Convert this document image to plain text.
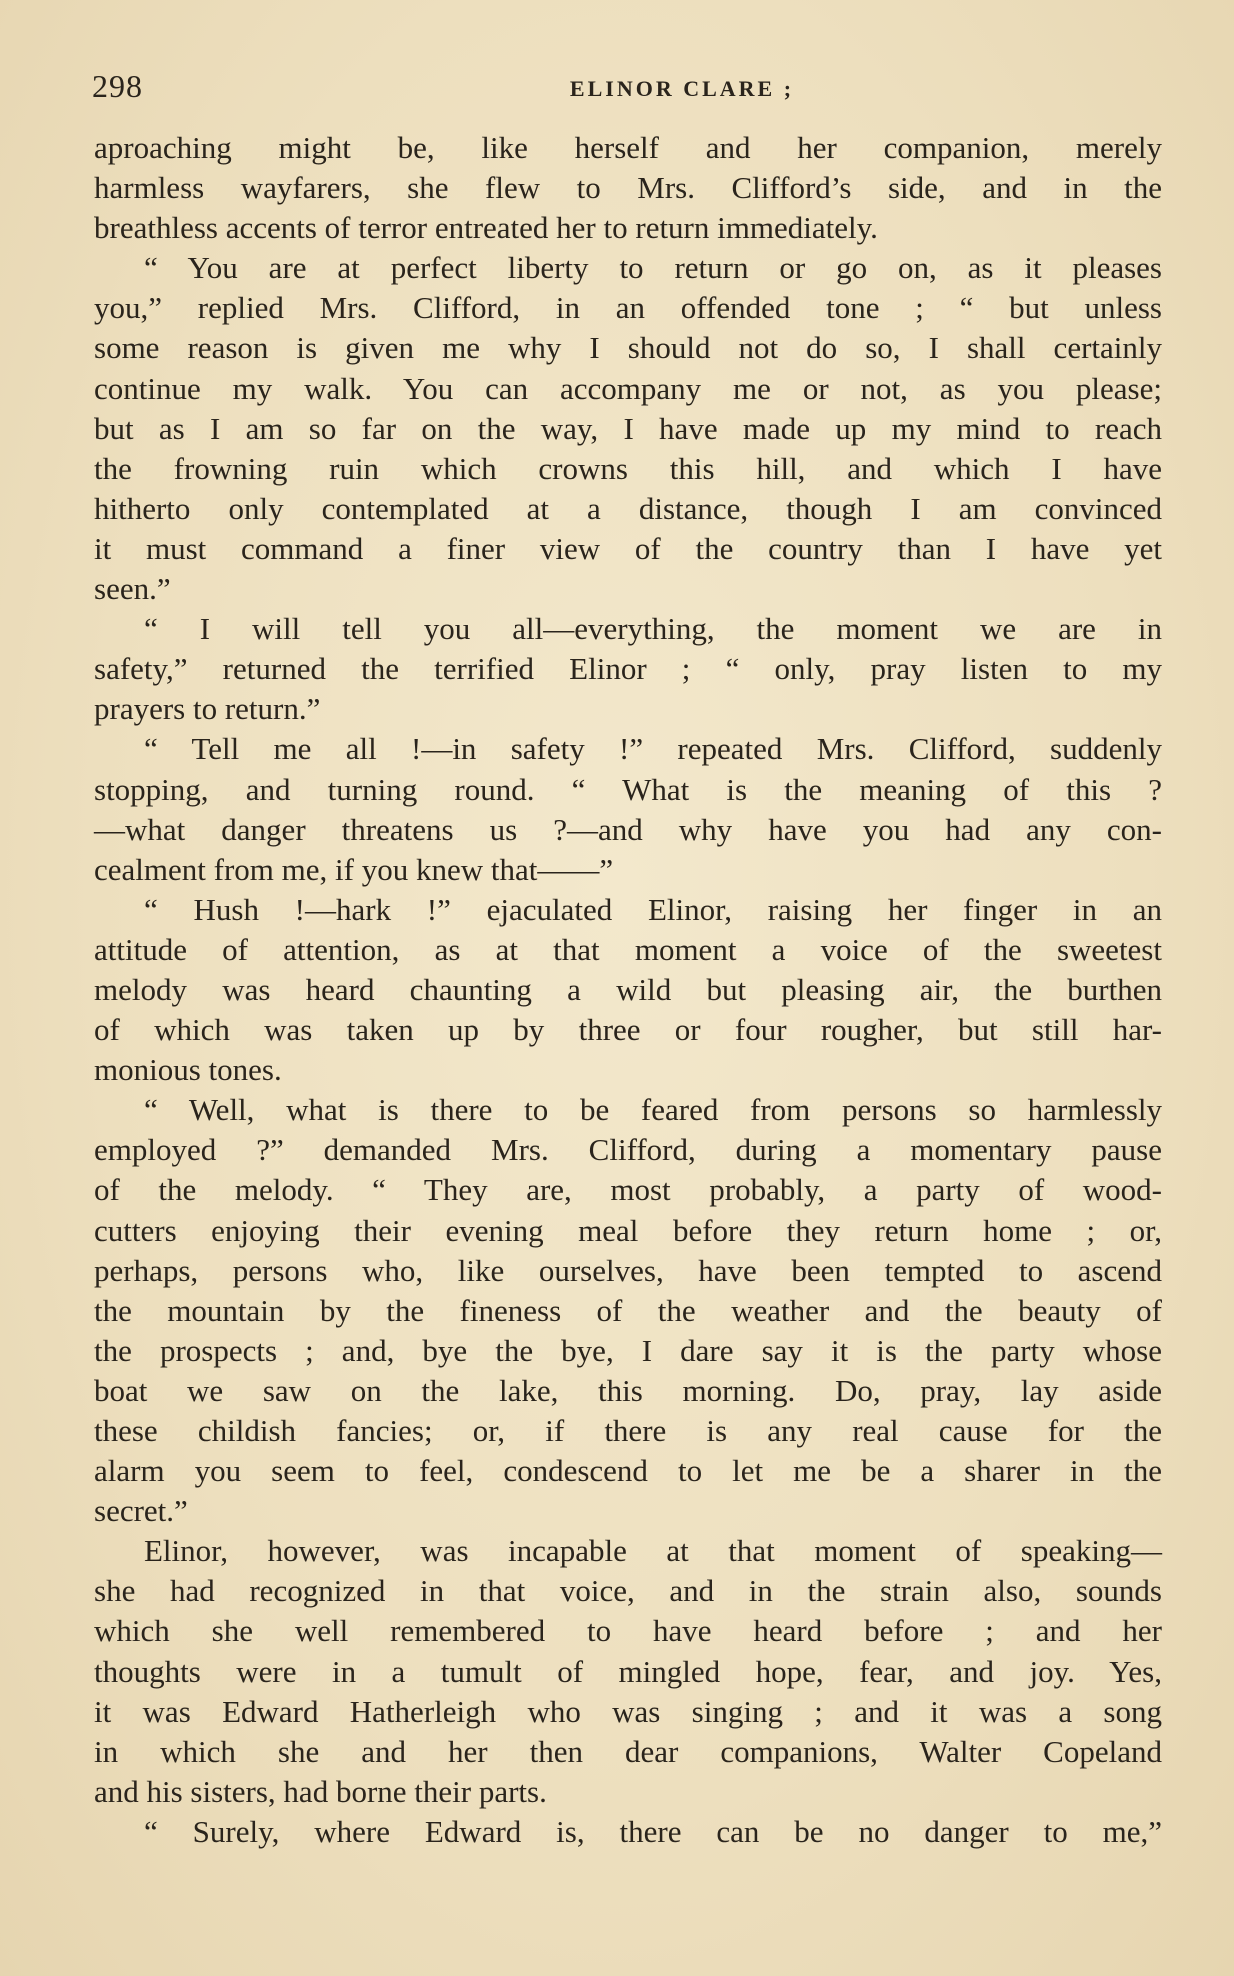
298	ELINOR CLARE ;
aproaching might be, like herself and her companion, merely
harmless wayfarers, she flew to Mrs. Clifford’s side, and in the
breathless accents of terror entreated her to return immediately.
“ You are at perfect liberty to return or go on, as it pleases
you,” replied Mrs. Clifford, in an offended tone ; “ but unless
some reason is given me why I should not do so, I shall certainly
continue my walk. You can accompany me or not, as you please;
but as I am so far on the way, I have made up my mind to reach
the frowning ruin which crowns this hill, and which I have
hitherto only contemplated at a distance, though I am convinced
it must command a finer view of the country than I have yet
seen.”
“ I will tell you all—everything, the moment we are in
safety,” returned the terrified Elinor ; “ only, pray listen to my
prayers to return.”
“ Tell me all !—in safety !” repeated Mrs. Clifford, suddenly
stopping, and turning round. “ What is the meaning of this ?
—what danger threatens us ?—and why have you had any con-
cealment from me, if you knew that——”
“ Hush !—hark !” ejaculated Elinor, raising her finger in an
attitude of attention, as at that moment a voice of the sweetest
melody was heard chaunting a wild but pleasing air, the burthen
of which was taken up by three or four rougher, but still har-
monious tones.
“ Well, what is there to be feared from persons so harmlessly
employed ?” demanded Mrs. Clifford, during a momentary pause
of the melody. “ They are, most probably, a party of wood-
cutters enjoying their evening meal before they return home ; or,
perhaps, persons who, like ourselves, have been tempted to ascend
the mountain by the fineness of the weather and the beauty of
the prospects ; and, bye the bye, I dare say it is the party whose
boat we saw on the lake, this morning. Do, pray, lay aside
these childish fancies; or, if there is any real cause for the
alarm you seem to feel, condescend to let me be a sharer in the
secret.”
Elinor, however, was incapable at that moment of speaking—
she had recognized in that voice, and in the strain also, sounds
which she well remembered to have heard before ; and her
thoughts were in a tumult of mingled hope, fear, and joy. Yes,
it was Edward Hatherleigh who was singing ; and it was a song
in which she and her then dear companions, Walter Copeland
and his sisters, had borne their parts.
“ Surely, where Edward is, there can be no danger to me,”
